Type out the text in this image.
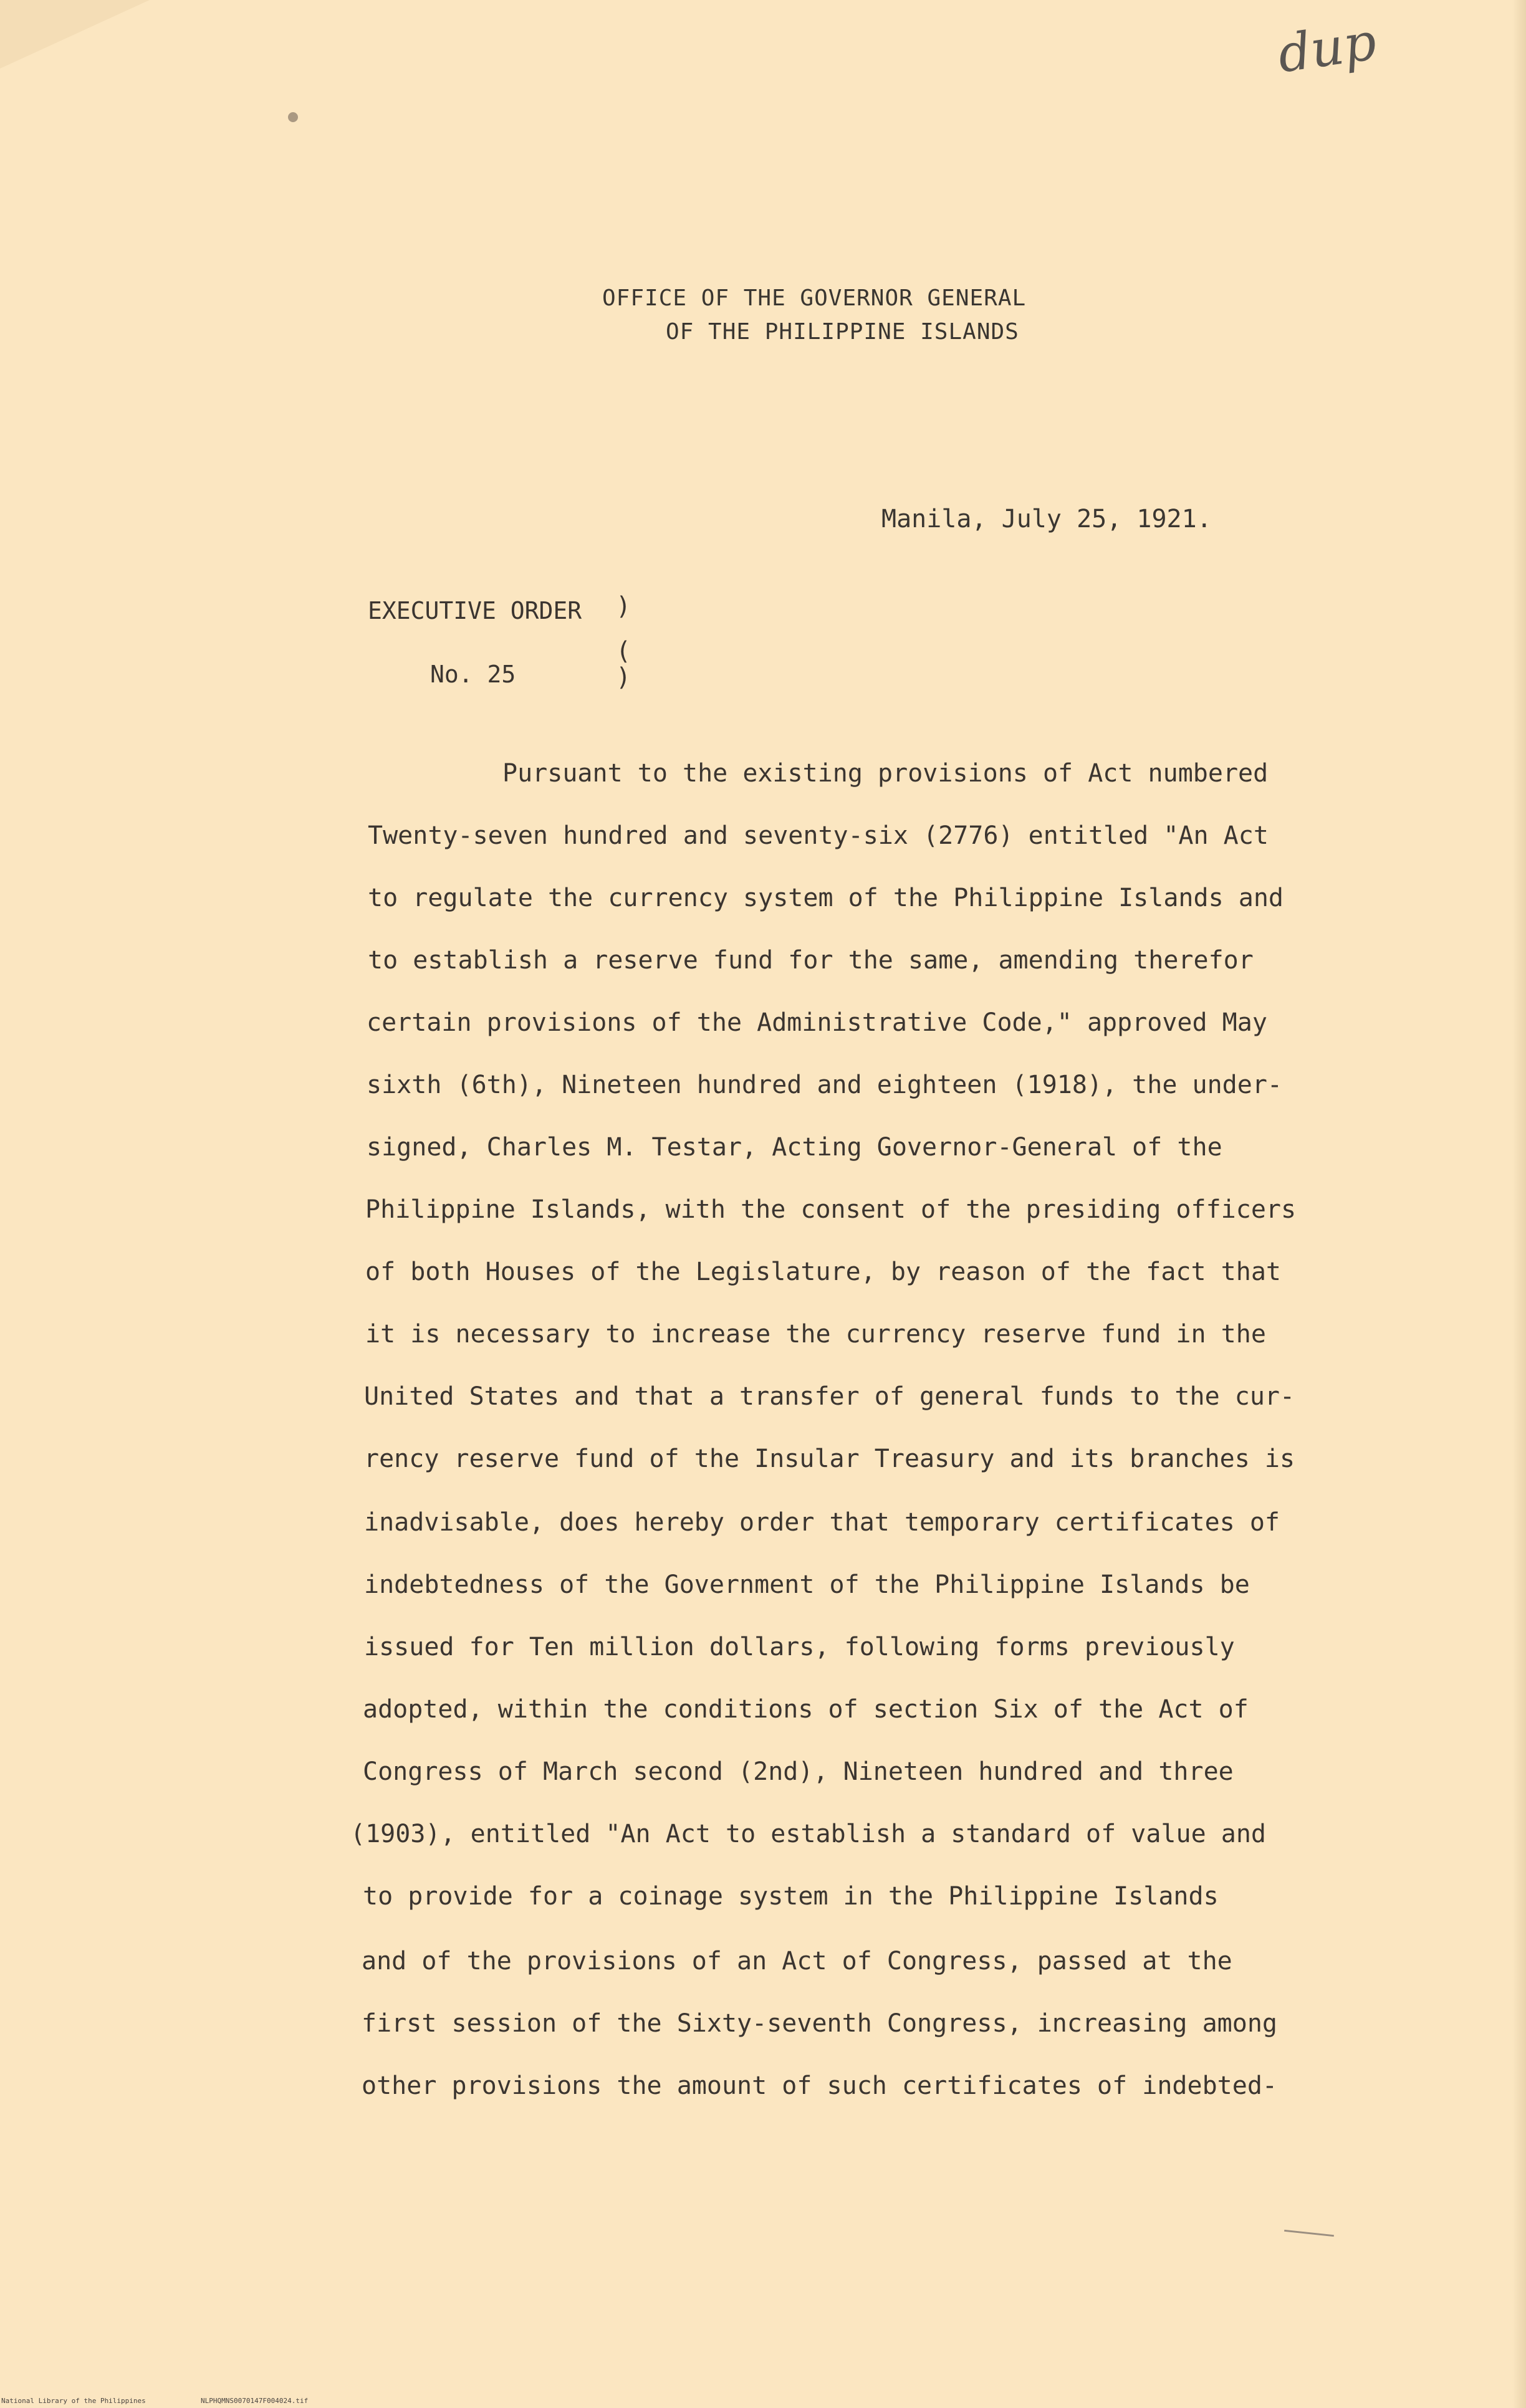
dup
OFFICE OF THE GOVERNOR GENERAL
OF THE PHILIPPINE ISLANDS
Manila, July 25, 1921.
EXECUTIVE ORDER
No. 25
)
(
)
Pursuant to the existing provisions of Act numbered
Twenty-seven hundred and seventy-six (2776) entitled "An Act
to regulate the currency system of the Philippine Islands and
to establish a reserve fund for the same, amending therefor
certain provisions of the Administrative Code," approved May
sixth (6th), Nineteen hundred and eighteen (1918), the under-
signed, Charles M. Testar, Acting Governor-General of the
Philippine Islands, with the consent of the presiding officers
of both Houses of the Legislature, by reason of the fact that
it is necessary to increase the currency reserve fund in the
United States and that a transfer of general funds to the cur-
rency reserve fund of the Insular Treasury and its branches is
inadvisable, does hereby order that temporary certificates of
indebtedness of the Government of the Philippine Islands be
issued for Ten million dollars, following forms previously
adopted, within the conditions of section Six of the Act of
Congress of March second (2nd), Nineteen hundred and three
(1903), entitled "An Act to establish a standard of value and
to provide for a coinage system in the Philippine Islands
and of the provisions of an Act of Congress, passed at the
first session of the Sixty-seventh Congress, increasing among
other provisions the amount of such certificates of indebted-
National Library of the Philippines	NLPHQMNS0070147F004024.tif
